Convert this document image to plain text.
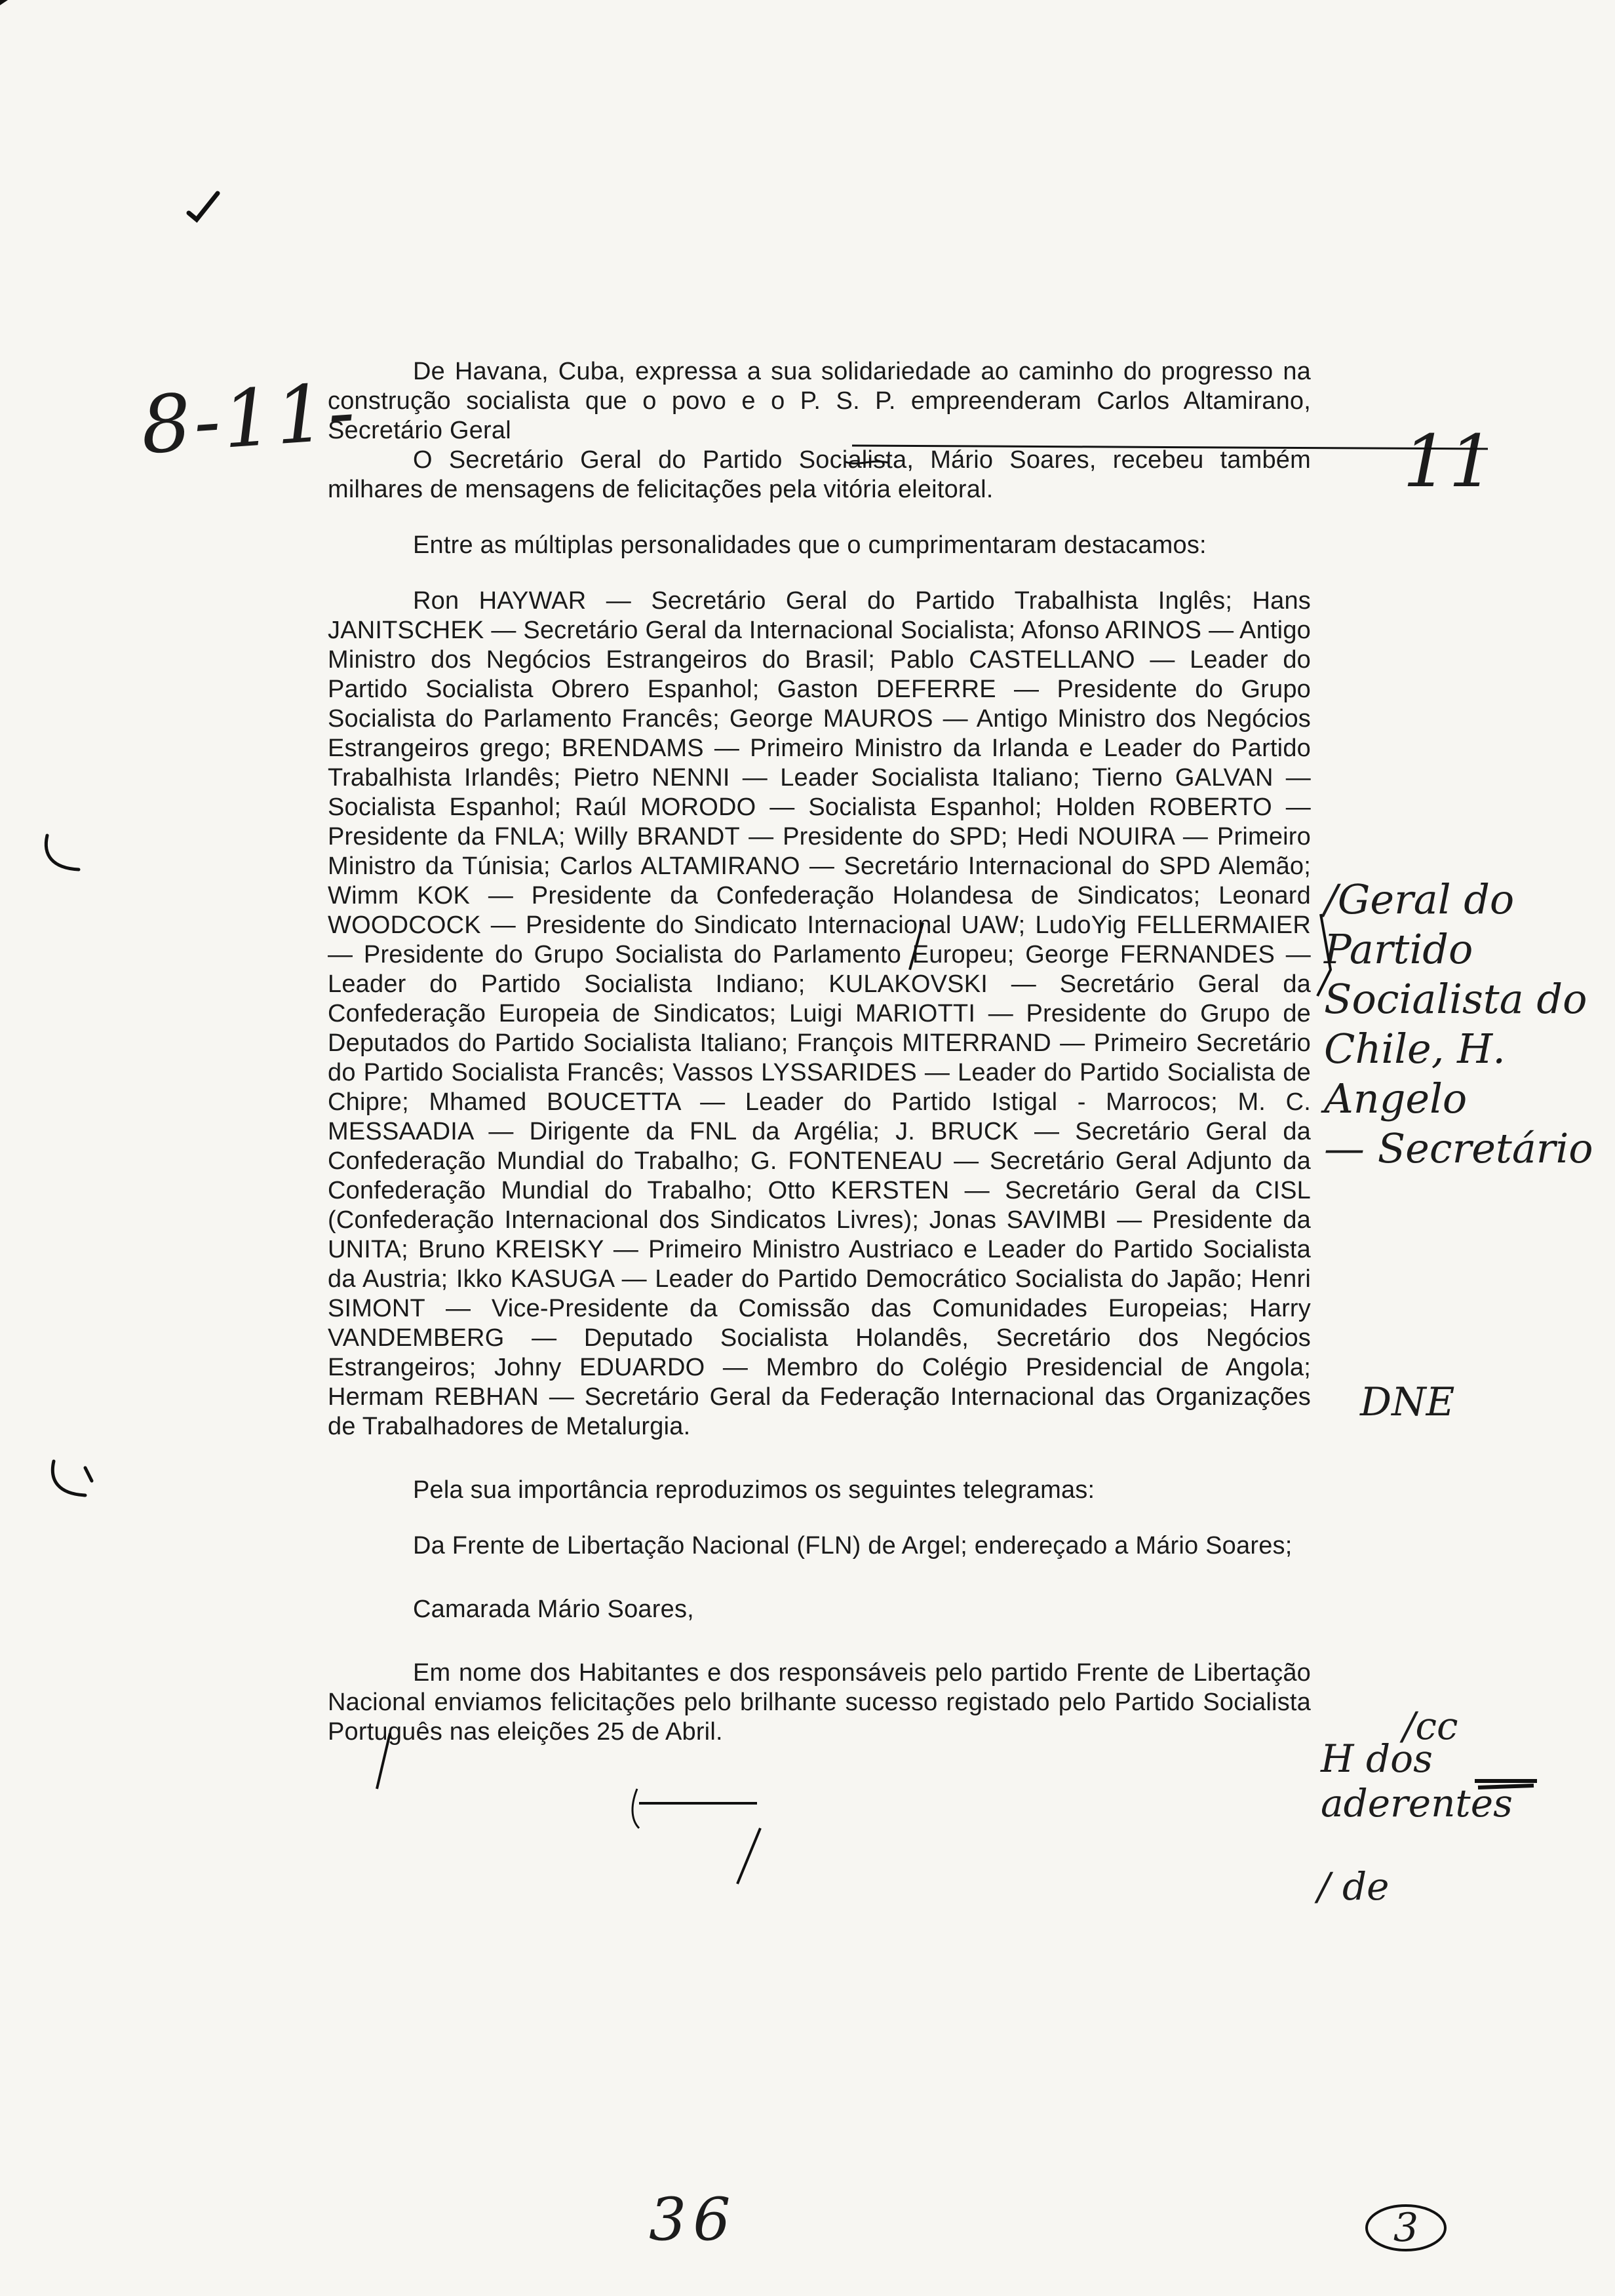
De Havana, Cuba, expressa a sua solidariedade ao caminho do progresso na construção socialista que o povo e o P. S. P. empreenderam Carlos Altamirano, Secretário Geral

O Secretário Geral do Partido Socialista, Mário Soares, recebeu também milhares de mensagens de felicitações pela vitória eleitoral.

Entre as múltiplas personalidades que o cumprimentaram destacamos:

Ron HAYWAR — Secretário Geral do Partido Trabalhista Inglês; Hans JANITSCHEK — Secretário Geral da Internacional Socialista; Afonso ARINOS — Antigo Ministro dos Negócios Estrangeiros do Brasil; Pablo CASTELLANO — Leader do Partido Socialista Obrero Espanhol; Gaston DEFERRE — Presidente do Grupo Socialista do Parlamento Francês; George MAUROS — Antigo Ministro dos Negócios Estrangeiros grego; BRENDAMS — Primeiro Ministro da Irlanda e Leader do Partido Trabalhista Irlandês; Pietro NENNI — Leader Socialista Italiano; Tierno GALVAN — Socialista Espanhol; Raúl MORODO — Socialista Espanhol; Holden ROBERTO — Presidente da FNLA; Willy BRANDT — Presidente do SPD; Hedi NOUIRA — Primeiro Ministro da Túnisia; Carlos ALTAMIRANO — Secretário Internacional do SPD Alemão; Wimm KOK — Presidente da Confederação Holandesa de Sindicatos; Leonard WOODCOCK — Presidente do Sindicato Internacional UAW; LudoYig FELLERMAIER — Presidente do Grupo Socialista do Parlamento Europeu; George FERNANDES — Leader do Partido Socialista Indiano; KULAKOVSKI — Secretário Geral da Confederação Europeia de Sindicatos; Luigi MARIOTTI — Presidente do Grupo de Deputados do Partido Socialista Italiano; François MITERRAND — Primeiro Secretário do Partido Socialista Francês; Vassos LYSSARIDES — Leader do Partido Socialista de Chipre; Mhamed BOUCETTA — Leader do Partido Istigal - Marrocos; M. C. MESSAADIA — Dirigente da FNL da Argélia; J. BRUCK — Secretário Geral da Confederação Mundial do Trabalho; G. FONTENEAU — Secretário Geral Adjunto da Confederação Mundial do Trabalho; Otto KERSTEN — Secretário Geral da CISL (Confederação Internacional dos Sindicatos Livres); Jonas SAVIMBI — Presidente da UNITA; Bruno KREISKY — Primeiro Ministro Austriaco e Leader do Partido Socialista da Austria; Ikko KASUGA — Leader do Partido Democrático Socialista do Japão; Henri SIMONT — Vice-Presidente da Comissão das Comunidades Europeias; Harry VANDEMBERG — Deputado Socialista Holandês, Secretário dos Negócios Estrangeiros; Johny EDUARDO — Membro do Colégio Presidencial de Angola; Hermam REBHAN — Secretário Geral da Federação Internacional das Organizações de Trabalhadores de Metalurgia.

Pela sua importância reproduzimos os seguintes telegramas:

Da Frente de Libertação Nacional (FLN) de Argel; endereçado a Mário Soares;

Camarada Mário Soares,

Em nome dos Habitantes e dos responsáveis pelo partido Frente de Libertação Nacional enviamos felicitações pelo brilhante sucesso registado pelo Partido Socialista Português nas eleições 25 de Abril.

8-11-	11
/Geral do Partido
Socialista do
Chile, H. Angelo
— Secretário
DNE
/cc
H dos aderentes
/ de
36	3
